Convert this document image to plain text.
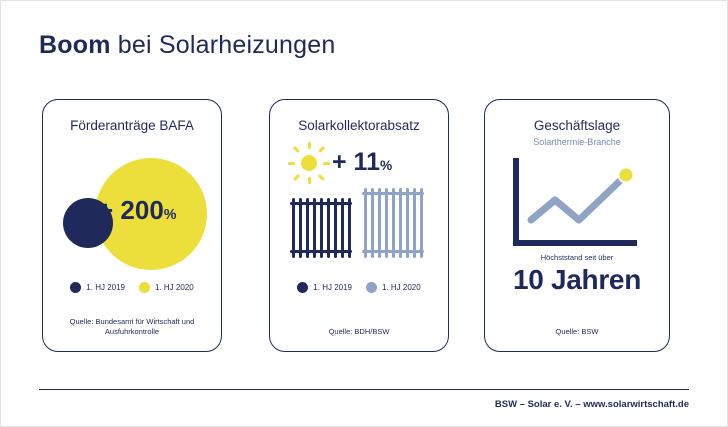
Boom bei Solarheizungen
Förderanträge BAFA
+ 200%
1. HJ 2019	1. HJ 2020
Quelle: Bundesamt für Wirtschaft und Ausfuhrkontrolle
Solarkollektorabsatz
+ 11%
1. HJ 2019	1. HJ 2020
Quelle: BDH/BSW
Geschäftslage
Solarthermie-Branche
Höchststand seit über
10 Jahren
Quelle: BSW
BSW – Solar e. V. – www.solarwirtschaft.de
